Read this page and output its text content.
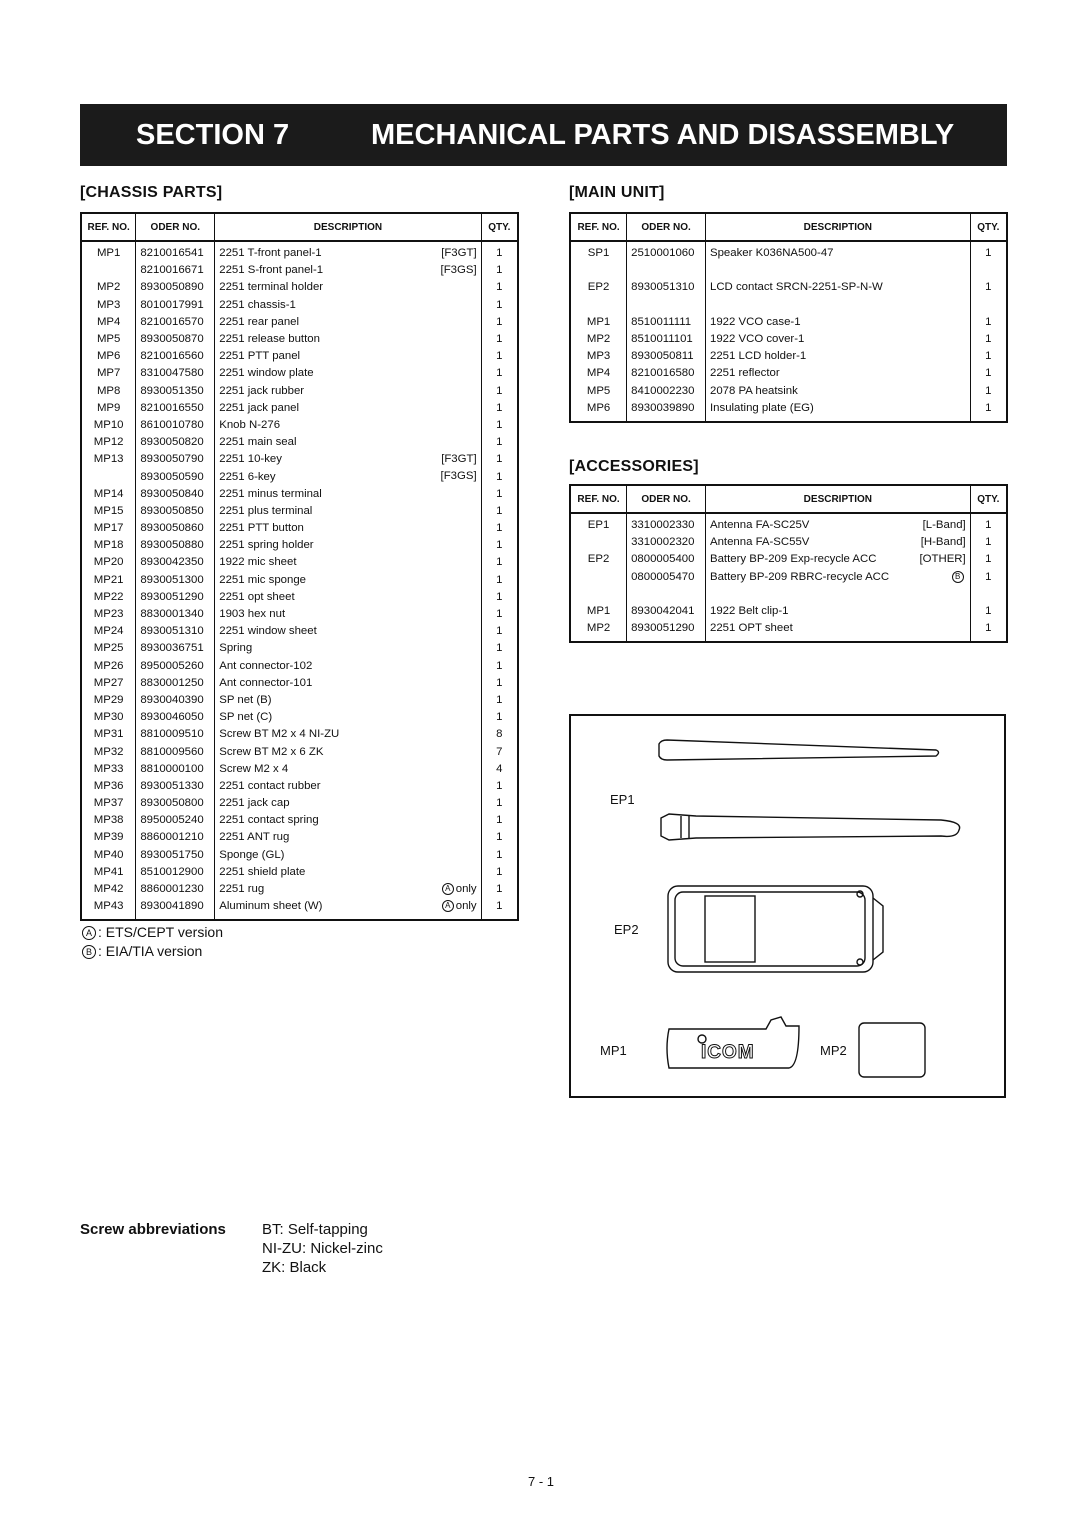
SECTION 7	MECHANICAL PARTS AND DISASSEMBLY
[CHASSIS PARTS]
REF. NO.	ODER NO.	DESCRIPTION	QTY.
MP1	8210016541	2251 T-front panel-1 [F3GT]	1
	8210016671	2251 S-front panel-1 [F3GS]	1
MP2	8930050890	2251 terminal holder	1
MP3	8010017991	2251 chassis-1	1
MP4	8210016570	2251 rear panel	1
MP5	8930050870	2251 release button	1
MP6	8210016560	2251 PTT panel	1
MP7	8310047580	2251 window plate	1
MP8	8930051350	2251 jack rubber	1
MP9	8210016550	2251 jack panel	1
MP10	8610010780	Knob N-276	1
MP12	8930050820	2251 main seal	1
MP13	8930050790	2251 10-key [F3GT]	1
	8930050590	2251 6-key [F3GS]	1
MP14	8930050840	2251 minus terminal	1
MP15	8930050850	2251 plus terminal	1
MP17	8930050860	2251 PTT button	1
MP18	8930050880	2251 spring holder	1
MP20	8930042350	1922 mic sheet	1
MP21	8930051300	2251 mic sponge	1
MP22	8930051290	2251 opt sheet	1
MP23	8830001340	1903 hex nut	1
MP24	8930051310	2251 window sheet	1
MP25	8930036751	Spring	1
MP26	8950005260	Ant connector-102	1
MP27	8830001250	Ant connector-101	1
MP29	8930040390	SP net (B)	1
MP30	8930046050	SP net (C)	1
MP31	8810009510	Screw BT M2 x 4 NI-ZU	8
MP32	8810009560	Screw BT M2 x 6 ZK	7
MP33	8810000100	Screw M2 x 4	4
MP36	8930051330	2251 contact rubber	1
MP37	8930050800	2251 jack cap	1
MP38	8950005240	2251 contact spring	1
MP39	8860001210	2251 ANT rug	1
MP40	8930051750	Sponge (GL)	1
MP41	8510012900	2251 shield plate	1
MP42	8860001230	2251 rug A only	1
MP43	8930041890	Aluminum sheet (W) A only	1

[MAIN UNIT]
REF. NO.	ODER NO.	DESCRIPTION	QTY.
SP1	2510001060	Speaker K036NA500-47	1

EP2	8930051310	LCD contact SRCN-2251-SP-N-W	1

MP1	8510011111	1922 VCO case-1	1
MP2	8510011101	1922 VCO cover-1	1
MP3	8930050811	2251 LCD holder-1	1
MP4	8210016580	2251 reflector	1
MP5	8410002230	2078 PA heatsink	1
MP6	8930039890	Insulating plate (EG)	1

[ACCESSORIES]
REF. NO.	ODER NO.	DESCRIPTION	QTY.
EP1	3310002330	Antenna FA-SC25V [L-Band]	1
	3310002320	Antenna FA-SC55V [H-Band]	1
EP2	0800005400	Battery BP-209 Exp-recycle ACC [OTHER]	1
	0800005470	Battery BP-209 RBRC-recycle ACC B	1

MP1	8930042041	1922 Belt clip-1	1
MP2	8930051290	2251 OPT sheet	1

A : ETS/CEPT version
B : EIA/TIA version
EP1
EP2
MP1	MP2
ICOM
Screw abbreviations BT: Self-tapping
NI-ZU: Nickel-zinc
ZK: Black
7 - 1
